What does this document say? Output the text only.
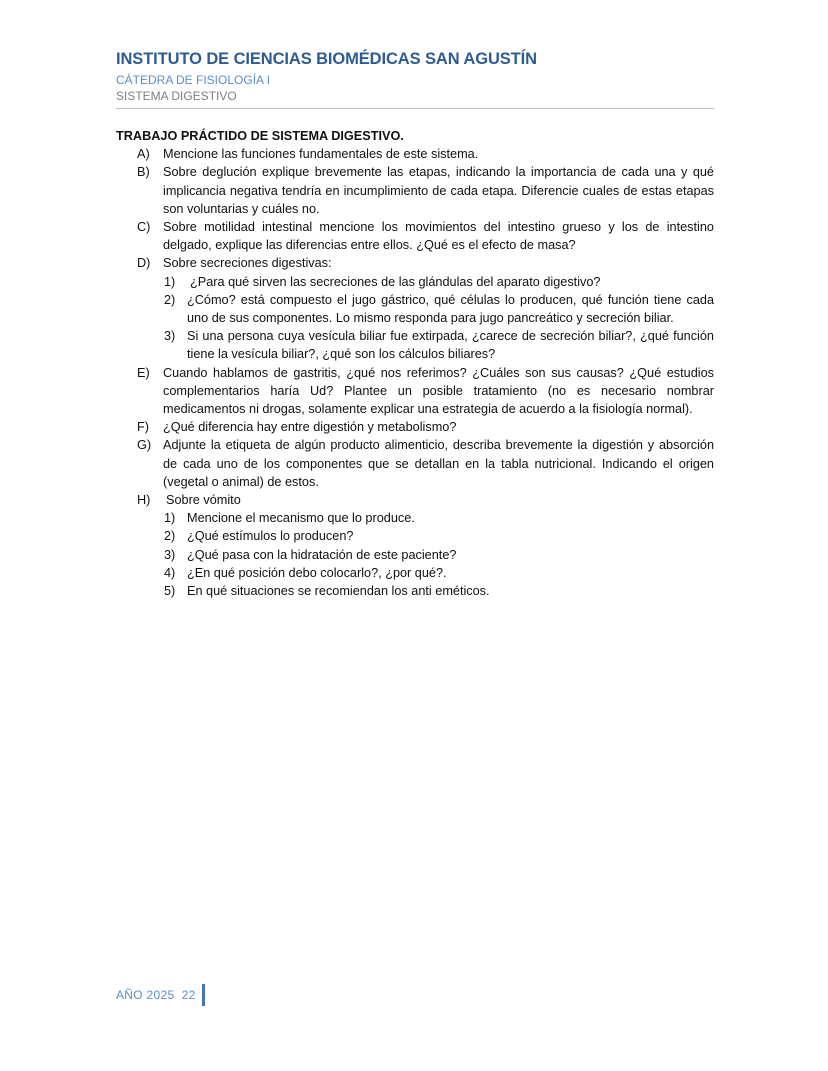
INSTITUTO DE CIENCIAS BIOMÉDICAS SAN AGUSTÍN
CÁTEDRA DE FISIOLOGÍA I
SISTEMA DIGESTIVO
TRABAJO PRÁCTIDO DE SISTEMA DIGESTIVO.
A)	Mencione las funciones fundamentales de este sistema.
B)	Sobre deglución explique brevemente las etapas, indicando la importancia de cada una y qué implicancia negativa tendría en incumplimiento de cada etapa. Diferencie cuales de estas etapas son voluntarias y cuáles no.
C) Sobre motilidad intestinal mencione los movimientos del intestino grueso y los de intestino delgado, explique las diferencias entre ellos. ¿Qué es el efecto de masa?
D) Sobre secreciones digestivas:
1)	¿Para qué sirven las secreciones de las glándulas del aparato digestivo?
2) ¿Cómo? está compuesto el jugo gástrico, qué células lo producen, qué función tiene cada uno de sus componentes. Lo mismo responda para jugo pancreático y secreción biliar.
3) Si una persona cuya vesícula biliar fue extirpada, ¿carece de secreción biliar?, ¿qué función tiene la vesícula biliar?, ¿qué son los cálculos biliares?
E)	Cuando hablamos de gastritis, ¿qué nos referimos? ¿Cuáles son sus causas? ¿Qué estudios complementarios haría Ud? Plantee un posible tratamiento (no es necesario nombrar medicamentos ni drogas, solamente explicar una estrategia de acuerdo a la fisiología normal).
F)	¿Qué diferencia hay entre digestión y metabolismo?
G) Adjunte la etiqueta de algún producto alimenticio, describa brevemente la digestión y absorción de cada uno de los componentes que se detallan en la tabla nutricional. Indicando el origen (vegetal o animal) de estos.
H)	Sobre vómito
1) Mencione el mecanismo que lo produce.
2) ¿Qué estímulos lo producen?
3) ¿Qué pasa con la hidratación de este paciente?
4) ¿En qué posición debo colocarlo?, ¿por qué?.
5) En qué situaciones se recomiendan los anti eméticos.
AÑO 2025  22
